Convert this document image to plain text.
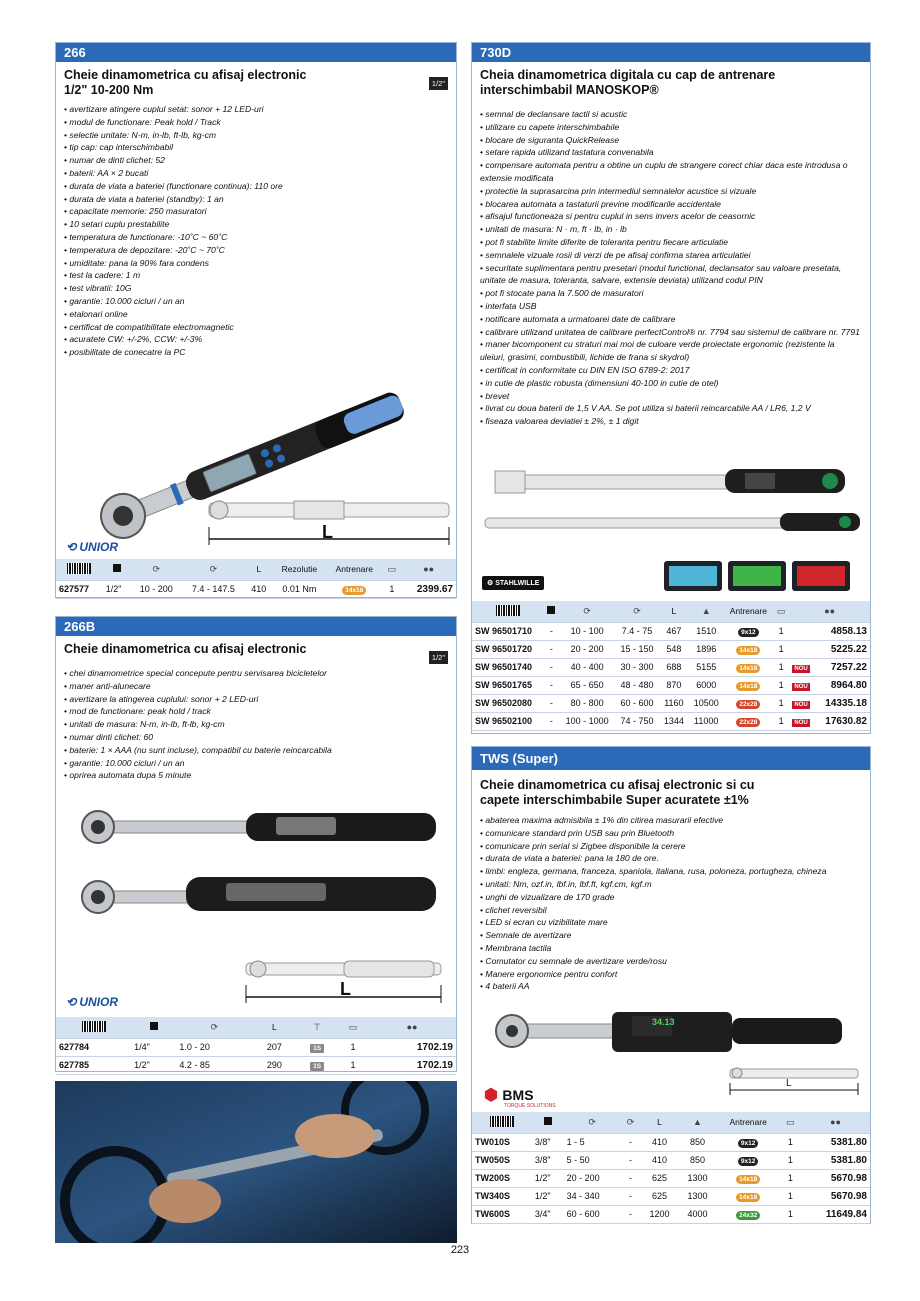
266
Cheie dinamometrica cu afisaj electronic
1/2" 10-200 Nm	1/2"
• avertizare atingere cuplul setat: sonor + 12 LED-uri
• modul de functionare: Peak hold / Track
• selectie unitate: N-m, in-lb, ft-lb, kg-cm
• tip cap: cap interschimbabil
• numar de dinti clichet: 52
• baterii: AA × 2 bucati
• durata de viata a bateriei (functionare continua): 110 ore
• durata de viata a bateriei (standby): 1 an
• capacitate memorie: 250 masuratori
• 10 setari cuplu prestabilite
• temperatura de functionare: -10˚C ~ 60˚C
• temperatura de depozitare: -20˚C ~ 70˚C
• umiditate: pana la 90% fara condens
• test la cadere: 1 m
• test vibratii: 10G
• garantie: 10.000 cicluri / un an
• etalonari online
• certificat de compatibilitate electromagnetic
• acuratete CW: +/-2%, CCW: +/-3%
• posibilitate de conecatre la PC
L
⟲ UNIOR
		⟳	⟳	L	Rezolutie	Antrenare	▭	●●
627577	1/2"	10 - 200	7.4 - 147.5	410	0.01 Nm	14x18	1	2399.67
266B
Cheie dinamometrica cu afisaj electronic
1/2"
• chei dinamometrice special concepute pentru servisarea bicicletelor
• maner anti-alunecare
• avertizare la atingerea cuplului: sonor + 2 LED-uri
• mod de functionare: peak hold / track
• unitati de masura: N-m, in-lb, ft-lb, kg-cm
• numar dinti clichet: 60
• baterie: 1 × AAA (nu sunt incluse), compatibil cu baterie reincarcabila
• garantie: 10.000 cicluri / un an
• oprirea automata dupa 5 minute
L
⟲ UNIOR
		⟳	L	⊤	▭	●●
627784	1/4"	1.0 - 20	207	1S	1	1702.19
627785	1/2"	4.2 - 85	290	1S	1	1702.19
730D
Cheia dinamometrica digitala cu cap de antrenare
interschimbabil MANOSKOP®
• semnal de declansare tactil si acustic
• utilizare cu capete interschimbabile
• blocare de siguranta QuickRelease
• setare rapida utilizand tastatura convenabila
• compensare automata pentru a obtine un cuplu de strangere corect chiar daca este introdusa o extensie modificata
• protectie la suprasarcina prin intermediul semnalelor acustice si vizuale
• blocarea automata a tastaturii previne modificarile accidentale
• afisajul functioneaza si pentru cuplul in sens invers acelor de ceasornic
• unitati de masura: N · m, ft · lb, in · lb
• pot fi stabilite limite diferite de toleranta pentru fiecare articulatie
• semnalele vizuale rosii di verzi de pe afisaj confirma starea articulatiei
• securitate suplimentara pentru presetari (modul functional, declansator sau valoare presetata, unitate de masura, toleranta, salvare, extensie deviata) utilizand codul PIN
• pot fi stocate pana la 7.500 de masuratori
• interfata USB
• notificare automata a urmatoarei date de calibrare
• calibrare utilizand unitatea de calibrare perfectControl® nr. 7794 sau sistemul de calibrare nr. 7791
• maner bicomponent cu straturi mai moi de culoare verde proiectate ergonomic (rezistente la uleiuri, grasimi, combustibili, lichide de frana si skydrol)
• certificat in conformitate cu DIN EN ISO 6789-2: 2017
• in cutie de plastic robusta (dimensiuni 40-100 in cutie de otel)
• brevet
• livrat cu doua baterii de 1,5 V AA. Se pot utiliza si baterii reincarcabile AA / LR6, 1,2 V
• fiseaza valoarea deviatiei ± 2%, ± 1 digit
⚙ STAHLWILLE
		⟳	⟳	L	▲	Antrenare	▭	●●	
SW 96501710	-	10 - 100	7.4 - 75	467	1510	9x12	1		4858.13
SW 96501720	-	20 - 200	15 - 150	548	1896	14x18	1		5225.22
SW 96501740	-	40 - 400	30 - 300	688	5155	14x18	1	NOU	7257.22
SW 96501765	-	65 - 650	48 - 480	870	6000	14x18	1	NOU	8964.80
SW 96502080	-	80 - 800	60 - 600	1160	10500	22x28	1	NOU	14335.18
SW 96502100	-	100 - 1000	74 - 750	1344	11000	22x28	1	NOU	17630.82
TWS (Super)
Cheie dinamometrica cu afisaj electronic si cu
capete interschimbabile Super acuratete ±1%
• abaterea maxima admisibila ± 1% din citirea masurarii efective
• comunicare standard prin USB sau prin Bluetooth
• comunicare prin serial si Zigbee disponibile la cerere
• durata de viata a bateriei: pana la 180 de ore.
• limbi: engleza, germana, franceza, spaniola, italiana, rusa, poloneza, portugheza, chineza
• unitati: Nm, ozf.in, lbf.in, lbf.ft, kgf.cm, kgf.m
• unghi de vizualizare de 170 grade
• clichet reversibil
• LED si ecran cu vizibilitate mare
• Semnale de avertizare
• Membrana tactila
• Comutator cu semnale de avertizare verde/rosu
• Manere ergonomice pentru confort
• 4 baterii AA
34.13
L
⬢ BMS
TORQUE SOLUTIONS
		⟳	⟳	L	▲	Antrenare	▭	●●
TW010S	3/8"	1 - 5	-	410	850	9x12	1	5381.80
TW050S	3/8"	5 - 50	-	410	850	9x12	1	5381.80
TW200S	1/2"	20 - 200	-	625	1300	14x18	1	5670.98
TW340S	1/2"	34 - 340	-	625	1300	14x18	1	5670.98
TW600S	3/4"	60 - 600	-	1200	4000	24x32	1	11649.84
223
